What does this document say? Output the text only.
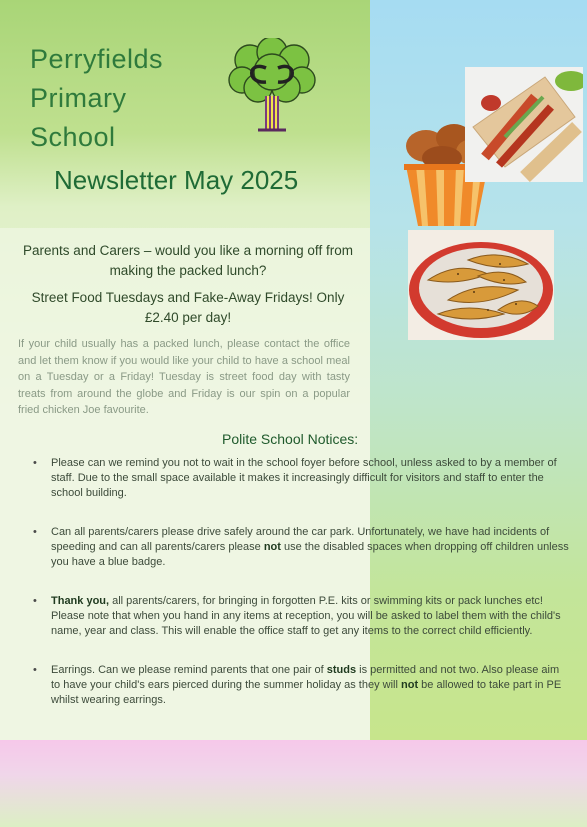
Perryfields
Primary
School
Newsletter May 2025
Parents and Carers – would you like a morning off from making the packed lunch?
Street Food Tuesdays and Fake-Away Fridays! Only £2.40 per day!
If your child usually has a packed lunch, please contact the office and let them know if you would like your child to have a school meal on a Tuesday or a Friday! Tuesday is street food day with tasty treats from around the globe and Friday is our spin on a popular fried chicken Joe favourite.
Polite School Notices:
• Please can we remind you not to wait in the school foyer before school, unless asked to by a member of staff. Due to the small space available it makes it increasingly difficult for visitors and staff to enter the school building.
• Can all parents/carers please drive safely around the car park. Unfortunately, we have had incidents of speeding and can all parents/carers please not use the disabled spaces when dropping off children unless you have a blue badge.
• Thank you, all parents/carers, for bringing in forgotten P.E. kits or swimming kits or pack lunches etc! Please note that when you hand in any items at reception, you will be asked to label them with the child's name, year and class. This will enable the office staff to get any items to the correct child efficiently.
• Earrings. Can we please remind parents that one pair of studs is permitted and not two. Also please aim to have your child's ears pierced during the summer holiday as they will not be allowed to take part in PE whilst wearing earrings.
